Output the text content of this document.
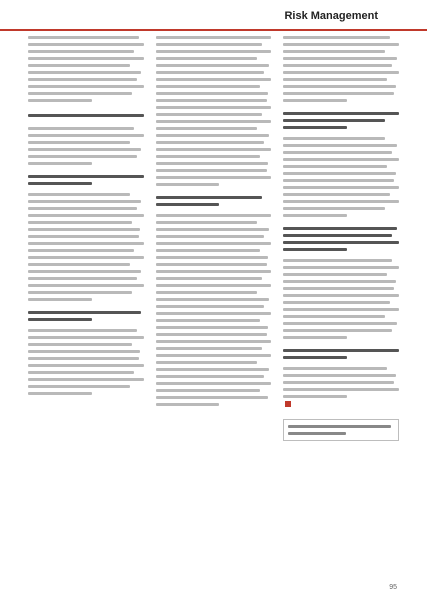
Risk Management
95
